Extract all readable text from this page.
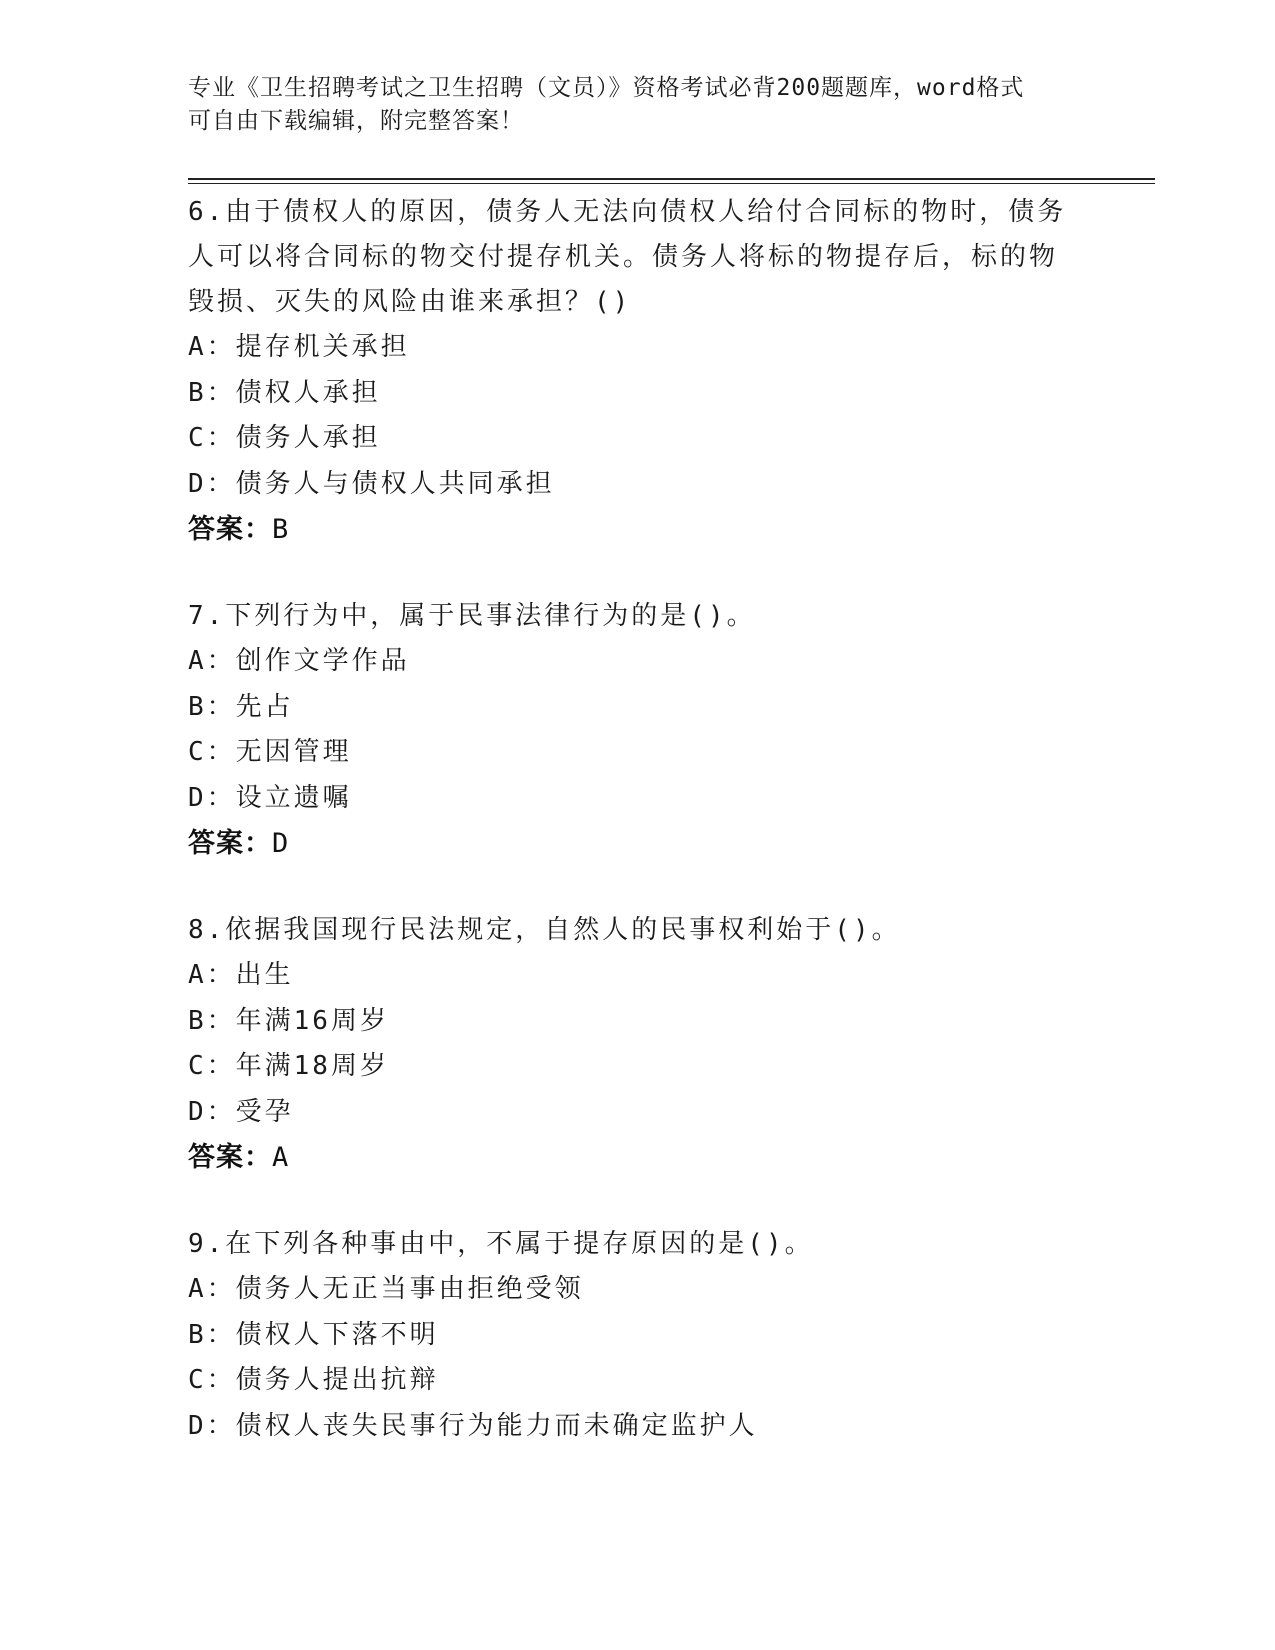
专业《卫生招聘考试之卫生招聘（文员）》资格考试必背200题题库，word格式
可自由下载编辑，附完整答案！
6.由于债权人的原因，债务人无法向债权人给付合同标的物时，债务
人可以将合同标的物交付提存机关。债务人将标的物提存后，标的物
毁损、灭失的风险由谁来承担？()
A：提存机关承担
B：债权人承担
C：债务人承担
D：债务人与债权人共同承担
答案：B
7.下列行为中，属于民事法律行为的是()。
A：创作文学作品
B：先占
C：无因管理
D：设立遗嘱
答案：D
8.依据我国现行民法规定，自然人的民事权利始于()。
A：出生
B：年满16周岁
C：年满18周岁
D：受孕
答案：A
9.在下列各种事由中，不属于提存原因的是()。
A：债务人无正当事由拒绝受领
B：债权人下落不明
C：债务人提出抗辩
D：债权人丧失民事行为能力而未确定监护人
